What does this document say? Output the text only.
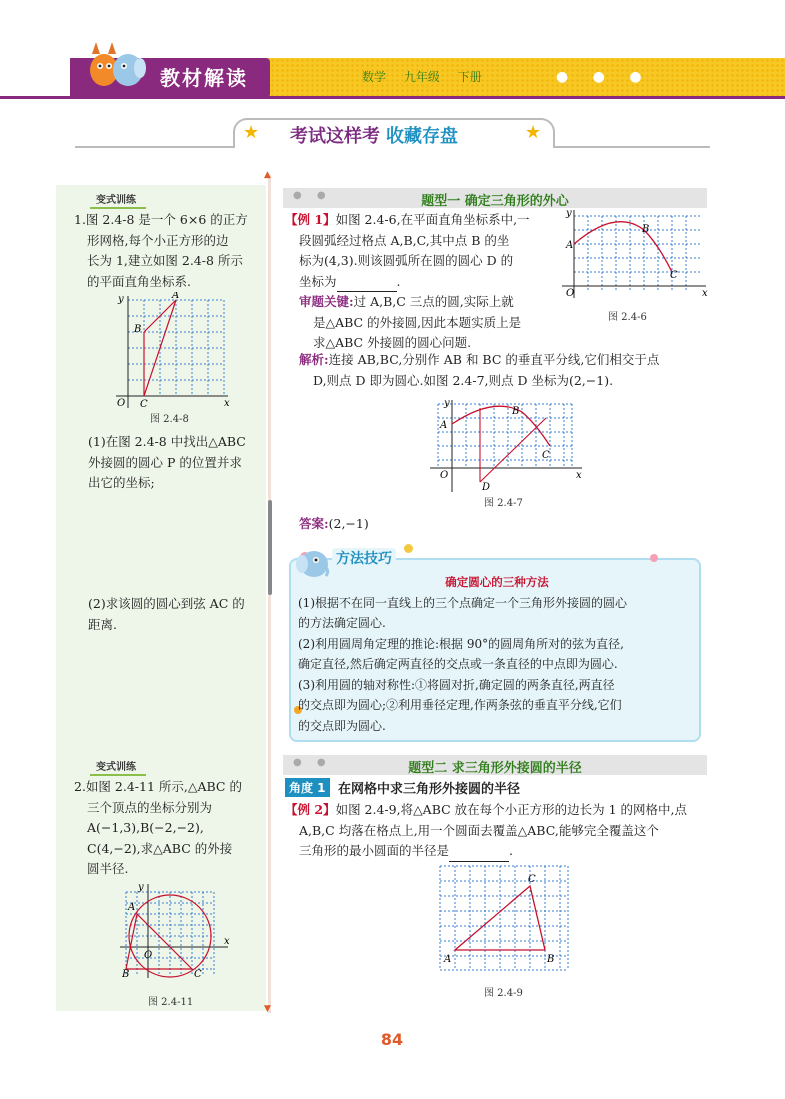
教材解读	数学 九年级 下册	● ● ●
★	★
考试这样考 收藏存盘
▲
▼
变式训练
1.图 2.4-8 是一个 6×6 的正方
形网格,每个小正方形的边
长为 1,建立如图 2.4-8 所示
的平面直角坐标系.
y	A
B
O C	x
图 2.4-8
(1)在图 2.4-8 中找出△ABC
外接圆的圆心 P 的位置并求
出它的坐标;
(2)求该圆的圆心到弦 AC 的
距离.
变式训练
2.如图 2.4-11 所示,△ABC 的
三个顶点的坐标分别为
A(−1,3),B(−2,−2),
C(4,−2),求△ABC 的外接
圆半径.
y
A
B	C
O
x
图 2.4-11
● ●	题型一 确定三角形的外心
【例 1】如图 2.4-6,在平面直角坐标系中,一
段圆弧经过格点 A,B,C,其中点 B 的坐
标为(4,3).则该圆弧所在圆的圆心 D 的
坐标为	.
审题关键:过 A,B,C 三点的圆,实际上就
是△ABC 的外接圆,因此本题实质上是
求△ABC 外接圆的圆心问题.
y
A
B
C
O	x
图 2.4-6
解析:连接 AB,BC,分别作 AB 和 BC 的垂直平分线,它们相交于点
D,则点 D 即为圆心.如图 2.4-7,则点 D 坐标为(2,−1).
y
A
B
C
O
D
x
图 2.4-7
答案:(2,−1)
方法技巧
确定圆心的三种方法
(1)根据不在同一直线上的三个点确定一个三角形外接圆的圆心
的方法确定圆心.
(2)利用圆周角定理的推论:根据 90°的圆周角所对的弦为直径,
确定直径,然后确定两直径的交点或一条直径的中点即为圆心.
(3)利用圆的轴对称性:①将圆对折,确定圆的两条直径,两直径
的交点即为圆心;②利用垂径定理,作两条弦的垂直平分线,它们
的交点即为圆心.
● ●	题型二 求三角形外接圆的半径
角度 1 在网格中求三角形外接圆的半径
【例 2】如图 2.4-9,将△ABC 放在每个小正方形的边长为 1 的网格中,点
A,B,C 均落在格点上,用一个圆面去覆盖△ABC,能够完全覆盖这个
三角形的最小圆面的半径是	.
A	B
C
图 2.4-9
84
